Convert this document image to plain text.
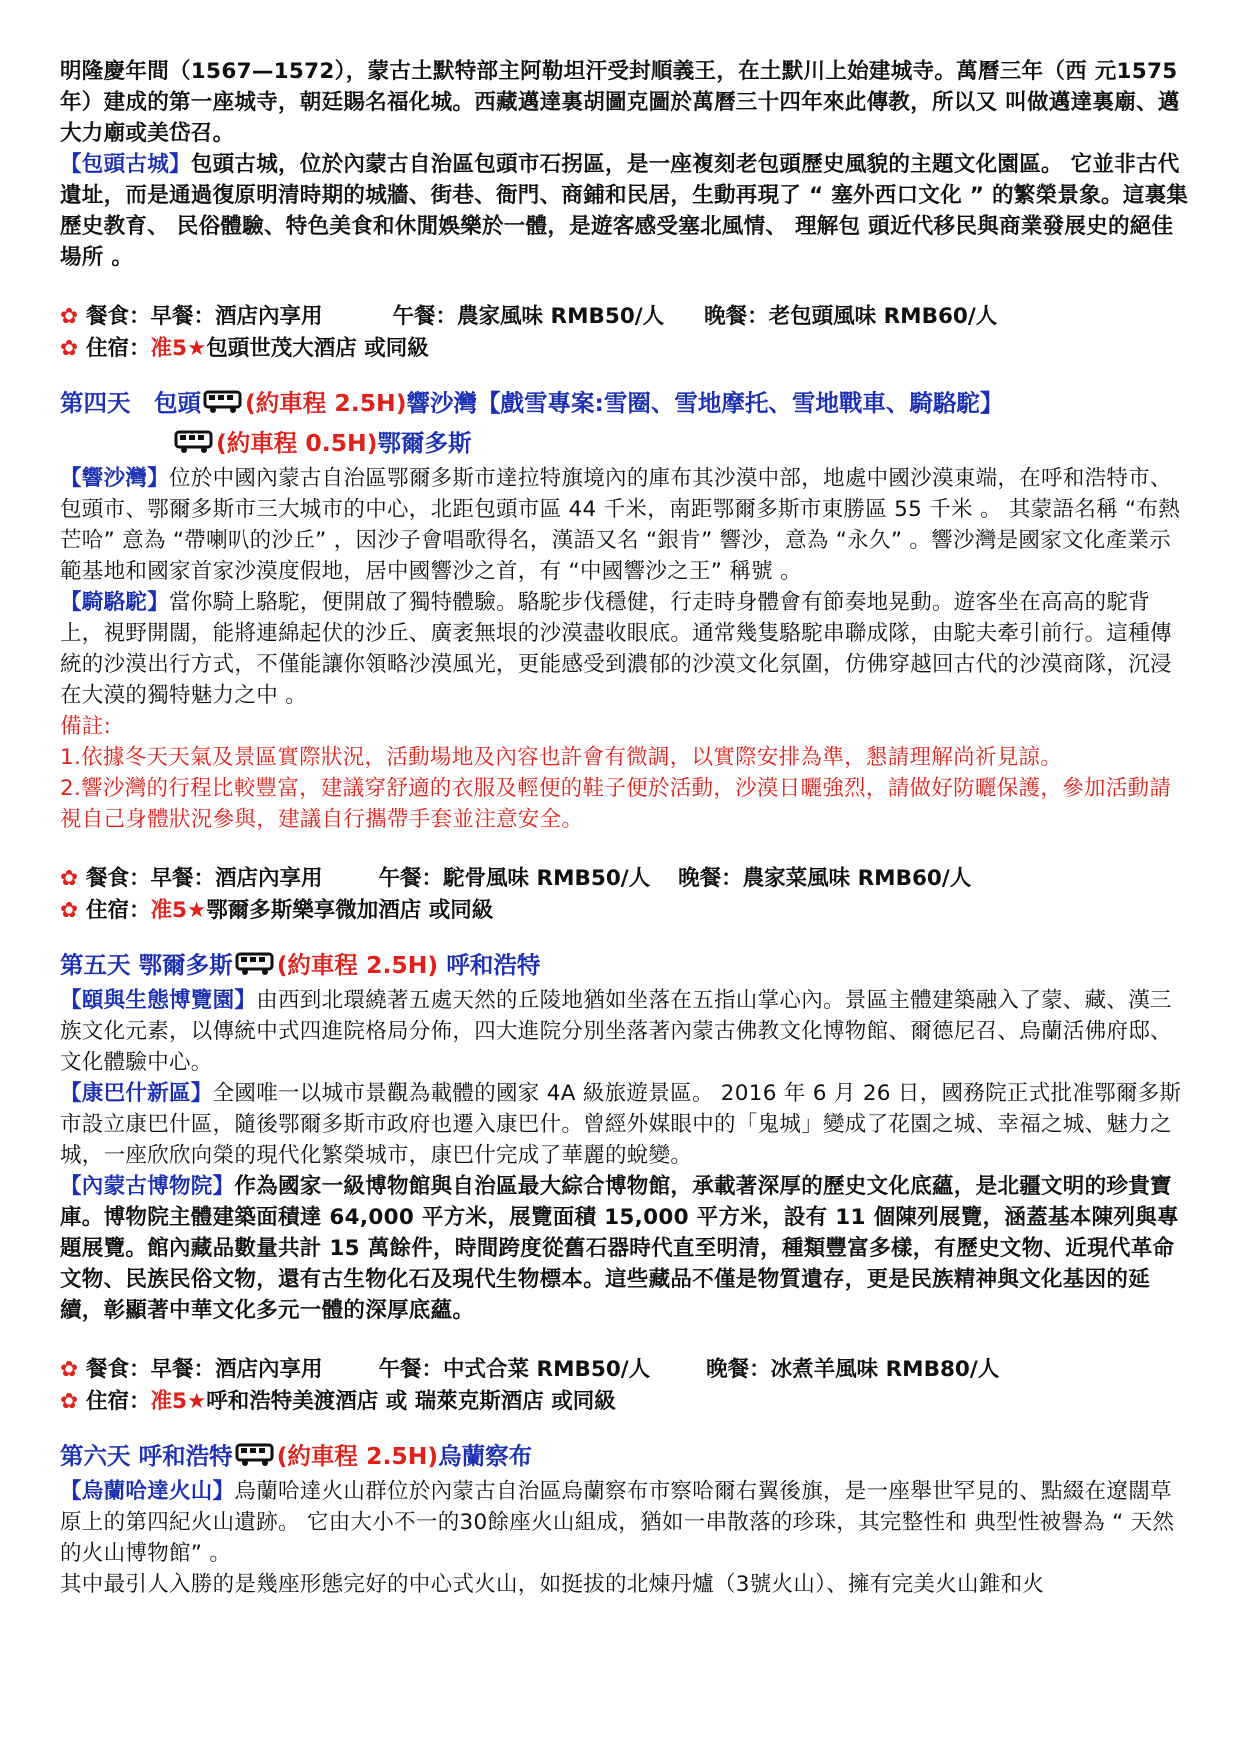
明隆慶年間（1567—1572），蒙古土默特部主阿勒坦汗受封順義王，在土默川上始建城寺。萬曆三年（西 元1575年）建成的第一座城寺，朝廷賜名福化城。西藏邁達裏胡圖克圖於萬曆三十四年來此傳教，所以又 叫做邁達裏廟、邁大力廟或美岱召。

【包頭古城】包頭古城，位於內蒙古自治區包頭市石拐區，是一座複刻老包頭歷史風貌的主題文化園區。 它並非古代遺址，而是通過復原明清時期的城牆、街巷、衙門、商鋪和民居，生動再現了 “ 塞外西口文化 ” 的繁榮景象。這裏集歷史教育、 民俗體驗、特色美食和休閒娛樂於一體，是遊客感受塞北風情、 理解包 頭近代移民與商業發展史的絕佳場所 。

✿ 餐食：早餐：酒店內享用	午餐：農家風味 RMB50/人 晚餐：老包頭風味 RMB60/人
✿ 住宿：准5★包頭世茂大酒店 或同級
第四天　包頭 (約車程 2.5H)響沙灣【戲雪專案:雪圈、雪地摩托、雪地戰車、騎駱駝】
(約車程 0.5H)鄂爾多斯

【響沙灣】位於中國內蒙古自治區鄂爾多斯市達拉特旗境內的庫布其沙漠中部，地處中國沙漠東端，在呼和浩特市、包頭市、鄂爾多斯市三大城市的中心，北距包頭市區 44 千米，南距鄂爾多斯市東勝區 55 千米 。 其蒙語名稱 “布熱芒哈” 意為 “帶喇叭的沙丘” ，因沙子會唱歌得名，漢語又名 “銀肯” 響沙，意為 “永久” 。響沙灣是國家文化產業示範基地和國家首家沙漠度假地，居中國響沙之首，有 “中國響沙之王” 稱號 。

【騎駱駝】當你騎上駱駝，便開啟了獨特體驗。駱駝步伐穩健，行走時身體會有節奏地晃動。遊客坐在高高的駝背上，視野開闊，能將連綿起伏的沙丘、廣袤無垠的沙漠盡收眼底。通常幾隻駱駝串聯成隊，由駝夫牽引前行。這種傳統的沙漠出行方式，不僅能讓你領略沙漠風光，更能感受到濃郁的沙漠文化氛圍，仿佛穿越回古代的沙漠商隊，沉浸在大漠的獨特魅力之中 。

備註:

1.依據冬天天氣及景區實際狀況，活動場地及內容也許會有微調，以實際安排為準，懇請理解尚祈見諒。

2.響沙灣的行程比較豐富，建議穿舒適的衣服及輕便的鞋子便於活動，沙漠日曬強烈，請做好防曬保護，參加活動請視自己身體狀況參與，建議自行攜帶手套並注意安全。

✿ 餐食：早餐：酒店內享用	午餐：駝骨風味 RMB50/人 晚餐：農家菜風味 RMB60/人
✿ 住宿：准5★鄂爾多斯樂享微加酒店 或同級
第五天 鄂爾多斯 (約車程 2.5H) 呼和浩特

【頤與生態博覽園】由西到北環繞著五處天然的丘陵地猶如坐落在五指山掌心內。景區主體建築融入了蒙、藏、漢三族文化元素，以傳統中式四進院格局分佈，四大進院分別坐落著內蒙古佛教文化博物館、爾德尼召、烏蘭活佛府邸、文化體驗中心。

【康巴什新區】全國唯一以城市景觀為載體的國家 4A 級旅遊景區。 2016 年 6 月 26 日，國務院正式批准鄂爾多斯市設立康巴什區，隨後鄂爾多斯市政府也遷入康巴什。曾經外媒眼中的「鬼城」變成了花園之城、幸福之城、魅力之城，一座欣欣向榮的現代化繁榮城市，康巴什完成了華麗的蛻變。

【內蒙古博物院】作為國家一級博物館與自治區最大綜合博物館，承載著深厚的歷史文化底蘊，是北疆文明的珍貴寶庫。博物院主體建築面積達 64,000 平方米，展覽面積 15,000 平方米，設有 11 個陳列展覽，涵蓋基本陳列與專題展覽。館內藏品數量共計 15 萬餘件，時間跨度從舊石器時代直至明清，種類豐富多樣，有歷史文物、近現代革命文物、民族民俗文物，還有古生物化石及現代生物標本。這些藏品不僅是物質遺存，更是民族精神與文化基因的延續，彰顯著中華文化多元一體的深厚底蘊。

✿ 餐食：早餐：酒店內享用	午餐：中式合菜 RMB50/人	晚餐：冰煮羊風味 RMB80/人
✿ 住宿：准5★呼和浩特美渡酒店 或 瑞萊克斯酒店 或同級
第六天 呼和浩特 (約車程 2.5H)烏蘭察布

【烏蘭哈達火山】烏蘭哈達火山群位於內蒙古自治區烏蘭察布市察哈爾右翼後旗，是一座舉世罕見的、點綴在遼闊草原上的第四紀火山遺跡。 它由大小不一的30餘座火山組成，猶如一串散落的珍珠，其完整性和 典型性被譽為 “ 天然的火山博物館” 。

其中最引人入勝的是幾座形態完好的中心式火山，如挺拔的北煉丹爐（3號火山）、擁有完美火山錐和火
